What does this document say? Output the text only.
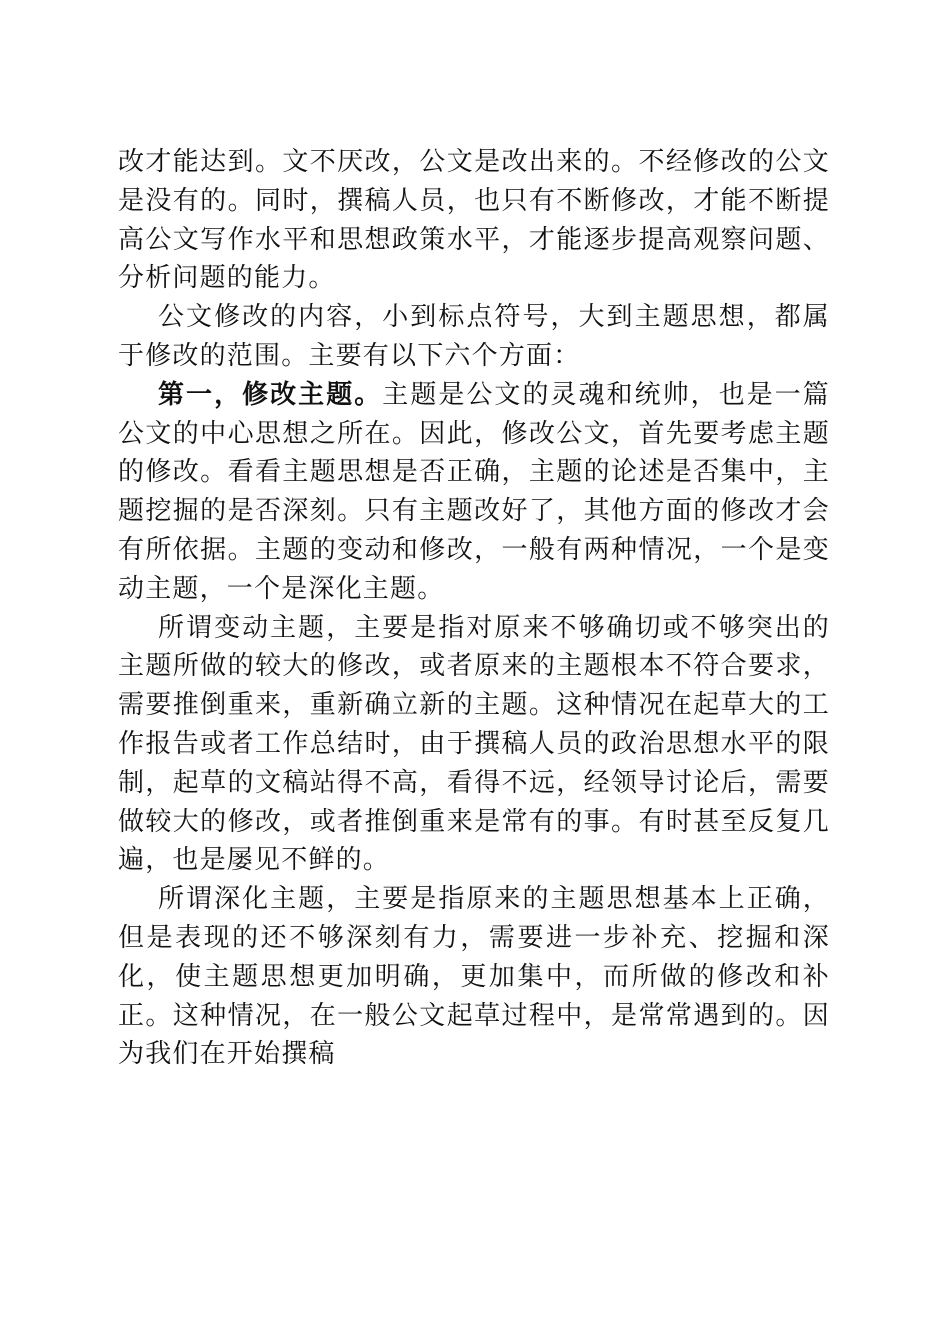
改才能达到。文不厌改，公文是改出来的。不经修改的公文是没有的。同时，撰稿人员，也只有不断修改，才能不断提高公文写作水平和思想政策水平，才能逐步提高观察问题、分析问题的能力。

公文修改的内容，小到标点符号，大到主题思想，都属于修改的范围。主要有以下六个方面：

第一，修改主题。主题是公文的灵魂和统帅，也是一篇公文的中心思想之所在。因此，修改公文，首先要考虑主题的修改。看看主题思想是否正确，主题的论述是否集中，主题挖掘的是否深刻。只有主题改好了，其他方面的修改才会有所依据。主题的变动和修改，一般有两种情况，一个是变动主题，一个是深化主题。

所谓变动主题，主要是指对原来不够确切或不够突出的主题所做的较大的修改，或者原来的主题根本不符合要求，需要推倒重来，重新确立新的主题。这种情况在起草大的工作报告或者工作总结时，由于撰稿人员的政治思想水平的限制，起草的文稿站得不高，看得不远，经领导讨论后，需要做较大的修改，或者推倒重来是常有的事。有时甚至反复几遍，也是屡见不鲜的。

所谓深化主题，主要是指原来的主题思想基本上正确，但是表现的还不够深刻有力，需要进一步补充、挖掘和深化，使主题思想更加明确，更加集中，而所做的修改和补正。这种情况，在一般公文起草过程中，是常常遇到的。因为我们在开始撰稿
